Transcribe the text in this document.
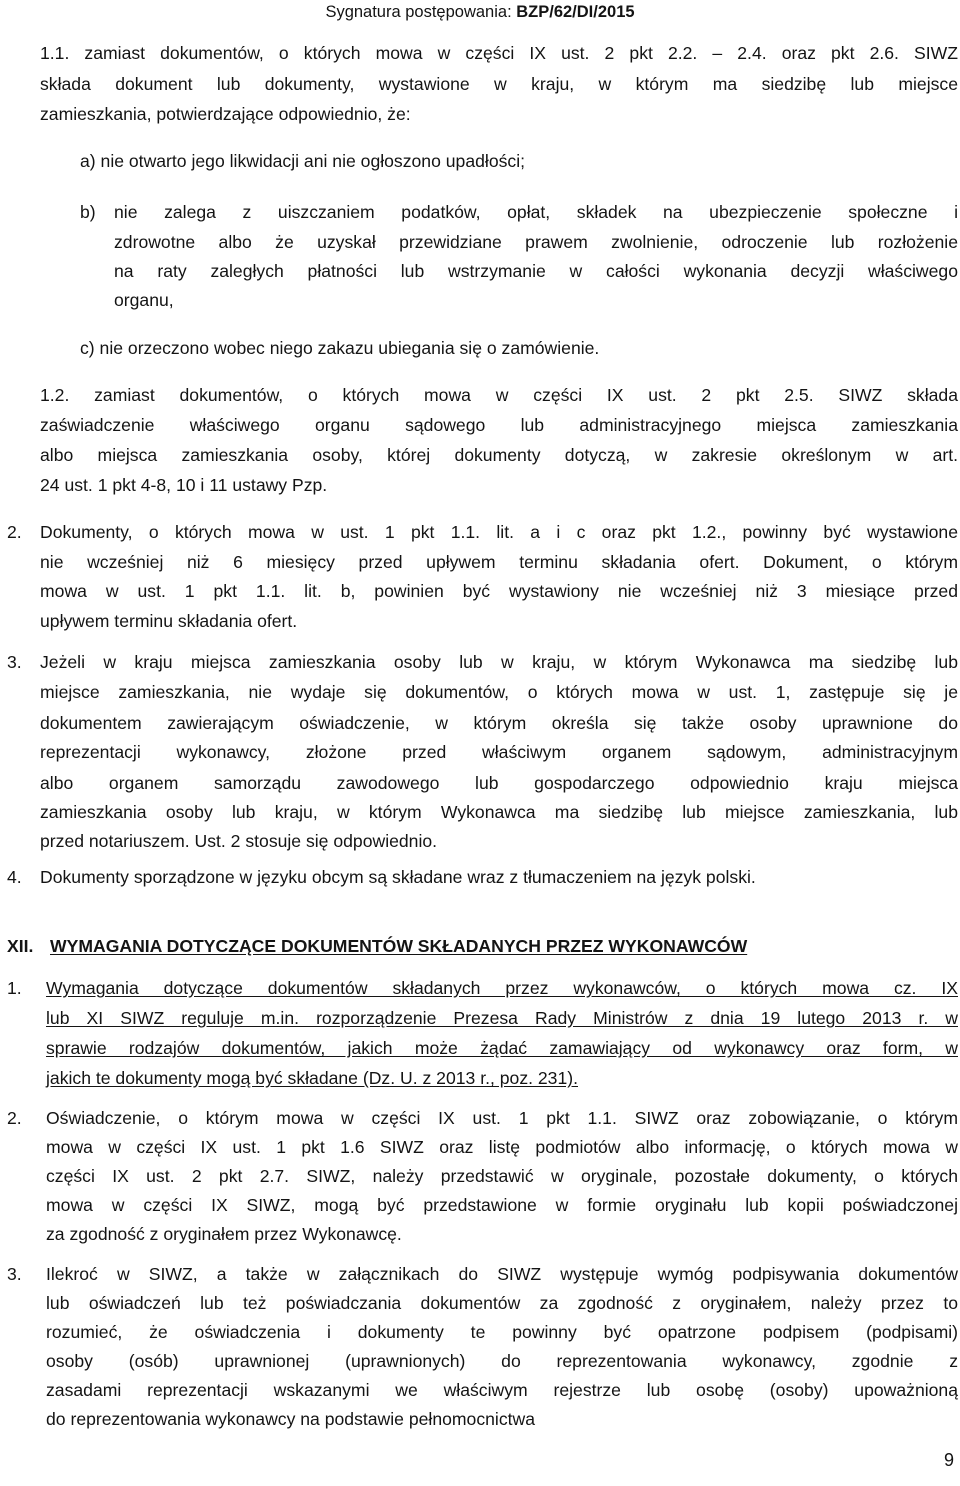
Sygnatura postępowania: BZP/62/DI/2015
1.1. zamiast dokumentów, o których mowa w części IX ust. 2 pkt 2.2. – 2.4. oraz pkt 2.6. SIWZ
składa dokument lub dokumenty, wystawione w kraju, w którym ma siedzibę lub miejsce
zamieszkania, potwierdzające odpowiednio, że:
a) nie otwarto jego likwidacji ani nie ogłoszono upadłości;
b) nie zalega z uiszczaniem podatków, opłat, składek na ubezpieczenie społeczne i
zdrowotne albo że uzyskał przewidziane prawem zwolnienie, odroczenie lub rozłożenie
na raty zaległych płatności lub wstrzymanie w całości wykonania decyzji właściwego
organu,
c) nie orzeczono wobec niego zakazu ubiegania się o zamówienie.
1.2. zamiast dokumentów, o których mowa w części IX ust. 2 pkt 2.5. SIWZ składa
zaświadczenie właściwego organu sądowego lub administracyjnego miejsca zamieszkania
albo miejsca zamieszkania osoby, której dokumenty dotyczą, w zakresie określonym w art.
24 ust. 1 pkt 4-8, 10 i 11 ustawy Pzp.
2. Dokumenty, o których mowa w ust. 1 pkt 1.1. lit. a i c oraz pkt 1.2., powinny być wystawione
nie wcześniej niż 6 miesięcy przed upływem terminu składania ofert. Dokument, o którym
mowa w ust. 1 pkt 1.1. lit. b, powinien być wystawiony nie wcześniej niż 3 miesiące przed
upływem terminu składania ofert.
3. Jeżeli w kraju miejsca zamieszkania osoby lub w kraju, w którym Wykonawca ma siedzibę lub
miejsce zamieszkania, nie wydaje się dokumentów, o których mowa w ust. 1, zastępuje się je
dokumentem zawierającym oświadczenie, w którym określa się także osoby uprawnione do
reprezentacji wykonawcy, złożone przed właściwym organem sądowym, administracyjnym
albo organem samorządu zawodowego lub gospodarczego odpowiednio kraju miejsca
zamieszkania osoby lub kraju, w którym Wykonawca ma siedzibę lub miejsce zamieszkania, lub
przed notariuszem. Ust. 2 stosuje się odpowiednio.
4. Dokumenty sporządzone w języku obcym są składane wraz z tłumaczeniem na język polski.
XII. WYMAGANIA DOTYCZĄCE DOKUMENTÓW SKŁADANYCH PRZEZ WYKONAWCÓW
1. Wymagania dotyczące dokumentów składanych przez wykonawców, o których mowa cz. IX
lub XI SIWZ reguluje m.in. rozporządzenie Prezesa Rady Ministrów z dnia 19 lutego 2013 r. w
sprawie rodzajów dokumentów, jakich może żądać zamawiający od wykonawcy oraz form, w
jakich te dokumenty mogą być składane (Dz. U. z 2013 r., poz. 231).
2. Oświadczenie, o którym mowa w części IX ust. 1 pkt 1.1. SIWZ oraz zobowiązanie, o którym
mowa w części IX ust. 1 pkt 1.6 SIWZ oraz listę podmiotów albo informację, o których mowa w
części IX ust. 2 pkt 2.7. SIWZ, należy przedstawić w oryginale, pozostałe dokumenty, o których
mowa w części IX SIWZ, mogą być przedstawione w formie oryginału lub kopii poświadczonej
za zgodność z oryginałem przez Wykonawcę.
3. Ilekroć w SIWZ, a także w załącznikach do SIWZ występuje wymóg podpisywania dokumentów
lub oświadczeń lub też poświadczania dokumentów za zgodność z oryginałem, należy przez to
rozumieć, że oświadczenia i dokumenty te powinny być opatrzone podpisem (podpisami)
osoby (osób) uprawnionej (uprawnionych) do reprezentowania wykonawcy, zgodnie z
zasadami reprezentacji wskazanymi we właściwym rejestrze lub osobę (osoby) upoważnioną
do reprezentowania wykonawcy na podstawie pełnomocnictwa
9
